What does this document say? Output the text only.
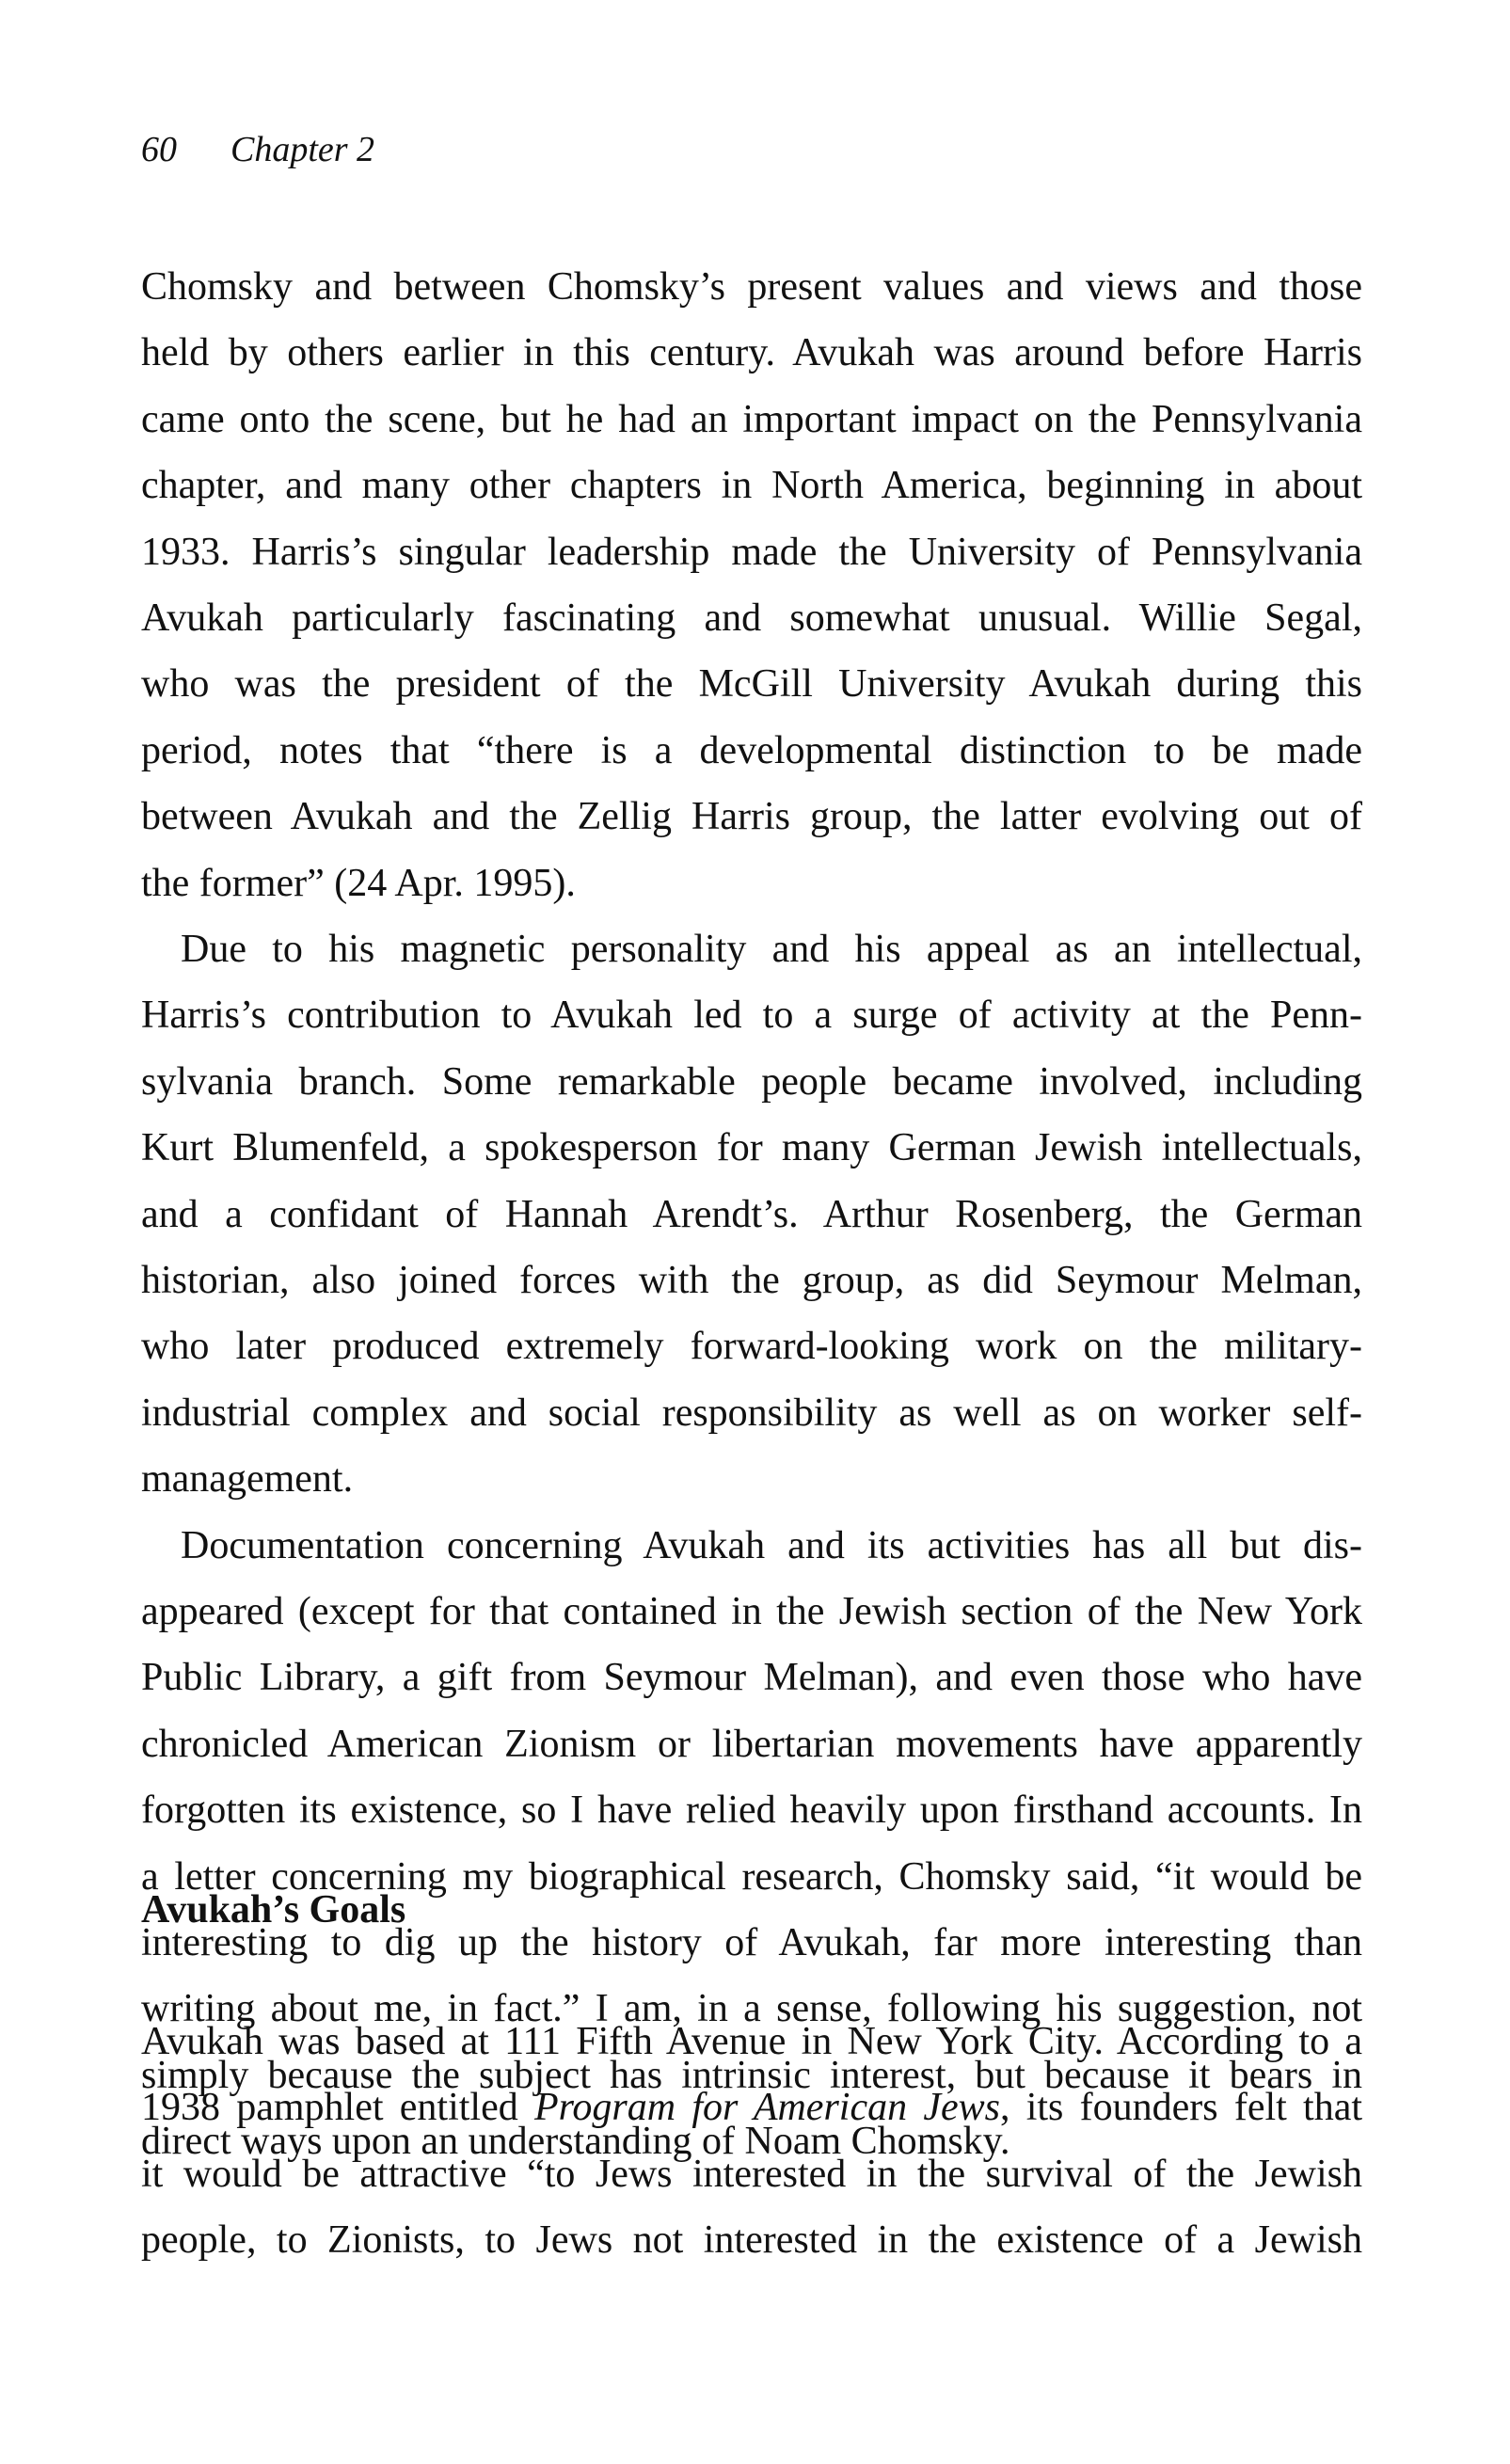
60 Chapter 2
Chomsky and between Chomsky’s present values and views and those
held by others earlier in this century. Avukah was around before Harris
came onto the scene, but he had an important impact on the Pennsylvania
chapter, and many other chapters in North America, beginning in about
1933. Harris’s singular leadership made the University of Pennsylvania
Avukah particularly fascinating and somewhat unusual. Willie Segal,
who was the president of the McGill University Avukah during this
period, notes that “there is a developmental distinction to be made
between Avukah and the Zellig Harris group, the latter evolving out of
the former” (24 Apr. 1995).
Due to his magnetic personality and his appeal as an intellectual,
Harris’s contribution to Avukah led to a surge of activity at the Penn-
sylvania branch. Some remarkable people became involved, including
Kurt Blumenfeld, a spokesperson for many German Jewish intellectuals,
and a confidant of Hannah Arendt’s. Arthur Rosenberg, the German
historian, also joined forces with the group, as did Seymour Melman,
who later produced extremely forward-looking work on the military-
industrial complex and social responsibility as well as on worker self-
management.
Documentation concerning Avukah and its activities has all but dis-
appeared (except for that contained in the Jewish section of the New York
Public Library, a gift from Seymour Melman), and even those who have
chronicled American Zionism or libertarian movements have apparently
forgotten its existence, so I have relied heavily upon firsthand accounts. In
a letter concerning my biographical research, Chomsky said, “it would be
interesting to dig up the history of Avukah, far more interesting than
writing about me, in fact.” I am, in a sense, following his suggestion, not
simply because the subject has intrinsic interest, but because it bears in
direct ways upon an understanding of Noam Chomsky.
Avukah’s Goals
Avukah was based at 111 Fifth Avenue in New York City. According to a
1938 pamphlet entitled Program for American Jews, its founders felt that
it would be attractive “to Jews interested in the survival of the Jewish
people, to Zionists, to Jews not interested in the existence of a Jewish
